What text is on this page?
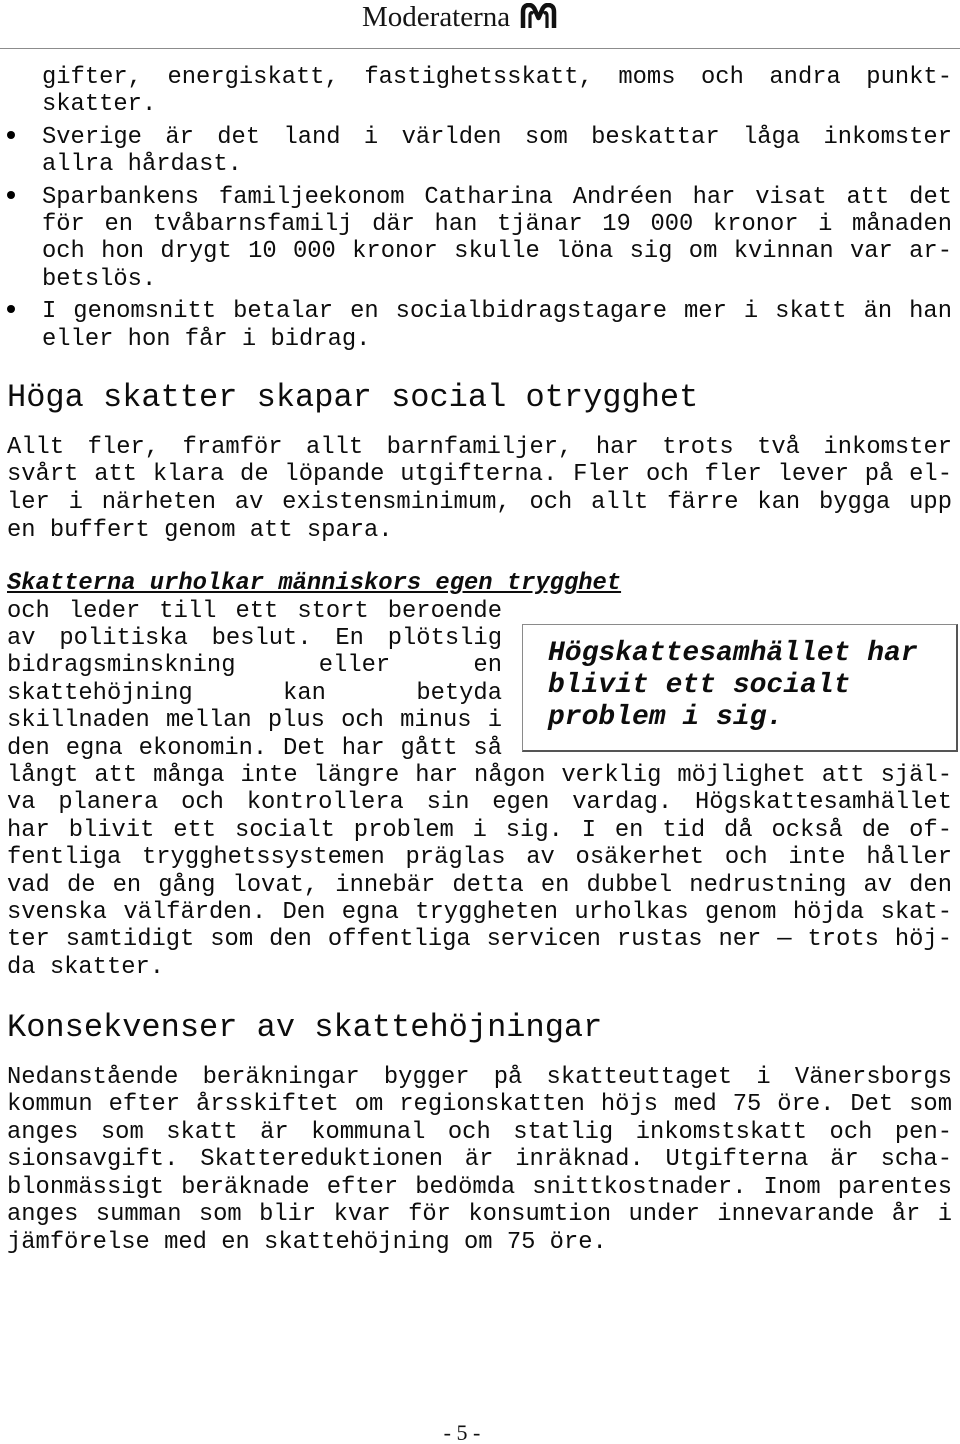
Moderaterna
gifter, energiskatt, fastighetsskatt, moms och andra punkt-
skatter.
Sverige är det land i världen som beskattar låga inkomster
allra hårdast.
Sparbankens familjeekonom Catharina Andréen har visat att det
för en tvåbarnsfamilj där han tjänar 19 000 kronor i månaden
och hon drygt 10 000 kronor skulle löna sig om kvinnan var ar-
betslös.
I genomsnitt betalar en socialbidragstagare mer i skatt än han
eller hon får i bidrag.
Höga skatter skapar social otrygghet
Allt fler, framför allt barnfamiljer, har trots två inkomster
svårt att klara de löpande utgifterna. Fler och fler lever på el-
ler i närheten av existensminimum, och allt färre kan bygga upp
en buffert genom att spara.
Skatterna urholkar människors egen trygghet
och leder till ett stort beroende
av politiska beslut. En plötslig
bidragsminskning eller en
skattehöjning kan betyda
skillnaden mellan plus och minus i
den egna ekonomin. Det har gått så
långt att många inte längre har någon verklig möjlighet att själ-
va planera och kontrollera sin egen vardag. Högskattesamhället
har blivit ett socialt problem i sig. I en tid då också de of-
fentliga trygghetssystemen präglas av osäkerhet och inte håller
vad de en gång lovat, innebär detta en dubbel nedrustning av den
svenska välfärden. Den egna tryggheten urholkas genom höjda skat-
ter samtidigt som den offentliga servicen rustas ner — trots höj-
da skatter.
Högskattesamhället har
blivit ett socialt
problem i sig.
Konsekvenser av skattehöjningar
Nedanstående beräkningar bygger på skatteuttaget i Vänersborgs
kommun efter årsskiftet om regionskatten höjs med 75 öre. Det som
anges som skatt är kommunal och statlig inkomstskatt och pen-
sionsavgift. Skattereduktionen är inräknad. Utgifterna är scha-
blonmässigt beräknade efter bedömda snittkostnader. Inom parentes
anges summan som blir kvar för konsumtion under innevarande år i
jämförelse med en skattehöjning om 75 öre.
- 5 -
